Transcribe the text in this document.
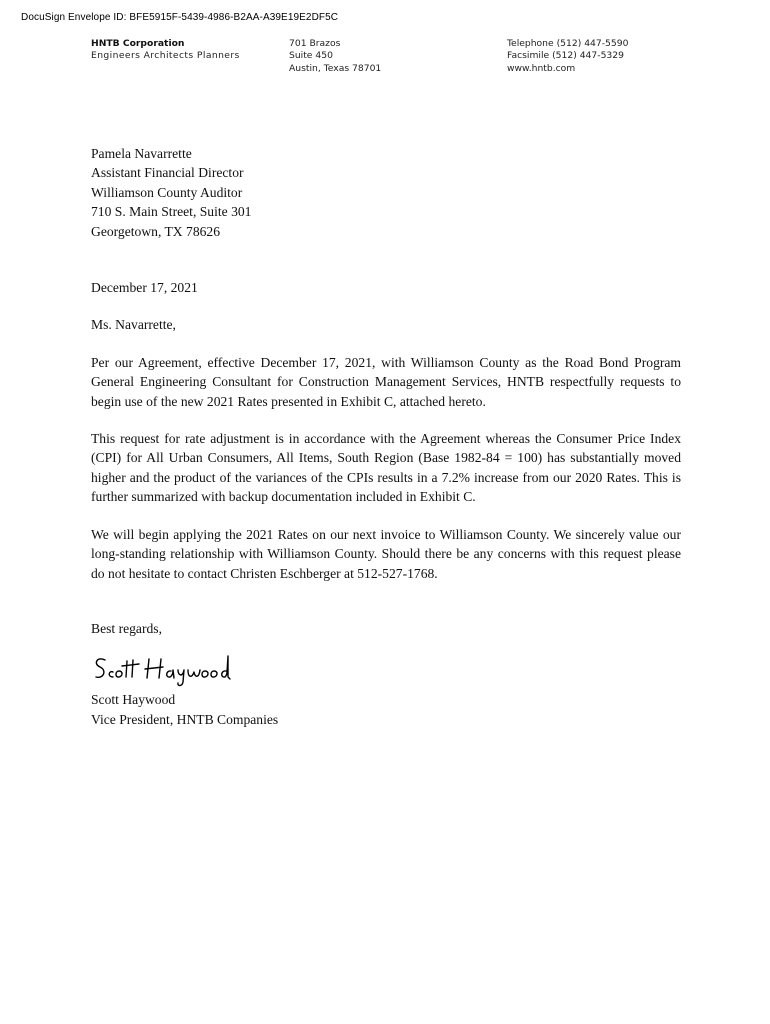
DocuSign Envelope ID: BFE5915F-5439-4986-B2AA-A39E19E2DF5C
HNTB Corporation
Engineers Architects Planners
701 Brazos
Suite 450
Austin, Texas 78701
Telephone (512) 447-5590
Facsimile (512) 447-5329
www.hntb.com

Pamela Navarrette
Assistant Financial Director
Williamson County Auditor
710 S. Main Street, Suite 301
Georgetown, TX 78626

December 17, 2021

Ms. Navarrette,

Per our Agreement, effective December 17, 2021, with Williamson County as the Road Bond Program General Engineering Consultant for Construction Management Services, HNTB respectfully requests to begin use of the new 2021 Rates presented in Exhibit C, attached hereto.

This request for rate adjustment is in accordance with the Agreement whereas the Consumer Price Index (CPI) for All Urban Consumers, All Items, South Region (Base 1982-84 = 100) has substantially moved higher and the product of the variances of the CPIs results in a 7.2% increase from our 2020 Rates. This is further summarized with backup documentation included in Exhibit C.

We will begin applying the 2021 Rates on our next invoice to Williamson County. We sincerely value our long-standing relationship with Williamson County. Should there be any concerns with this request please do not hesitate to contact Christen Eschberger at 512-527-1768.

Best regards,

Scott Haywood
Vice President, HNTB Companies
